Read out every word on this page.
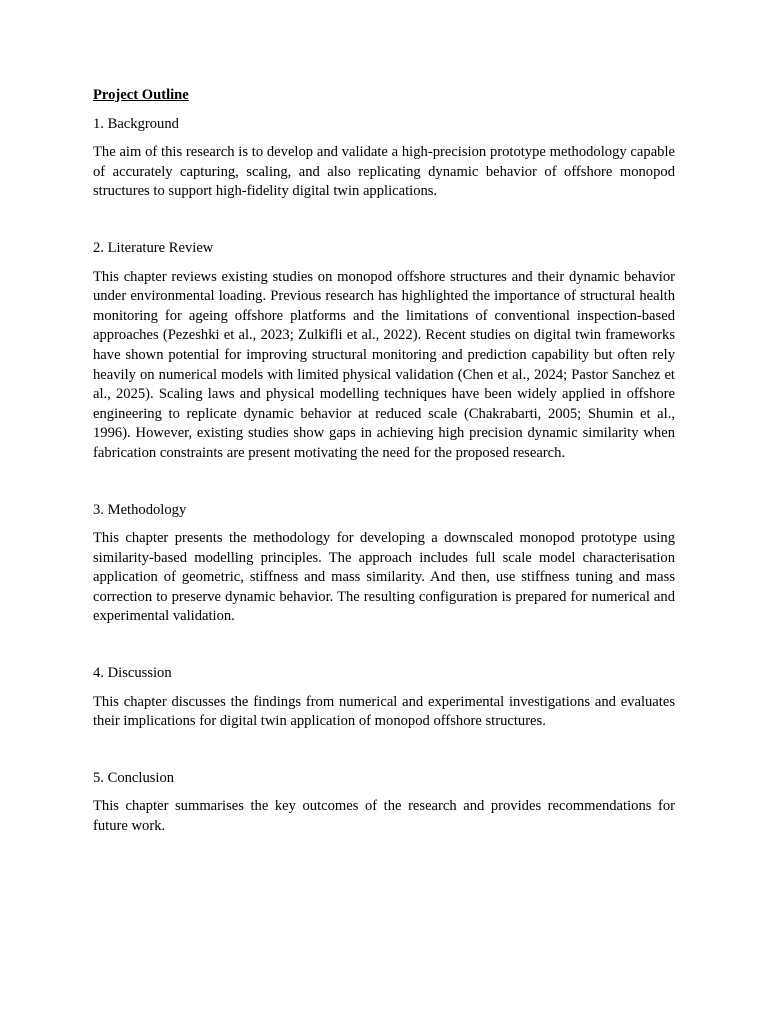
Project Outline

1. Background

The aim of this research is to develop and validate a high-precision prototype methodology capable of accurately capturing, scaling, and also replicating dynamic behavior of offshore monopod structures to support high-fidelity digital twin applications.

2. Literature Review

This chapter reviews existing studies on monopod offshore structures and their dynamic behavior under environmental loading. Previous research has highlighted the importance of structural health monitoring for ageing offshore platforms and the limitations of conventional inspection-based approaches (Pezeshki et al., 2023; Zulkifli et al., 2022). Recent studies on digital twin frameworks have shown potential for improving structural monitoring and prediction capability but often rely heavily on numerical models with limited physical validation (Chen et al., 2024; Pastor Sanchez et al., 2025). Scaling laws and physical modelling techniques have been widely applied in offshore engineering to replicate dynamic behavior at reduced scale (Chakrabarti, 2005; Shumin et al., 1996). However, existing studies show gaps in achieving high precision dynamic similarity when fabrication constraints are present motivating the need for the proposed research.

3. Methodology

This chapter presents the methodology for developing a downscaled monopod prototype using similarity-based modelling principles. The approach includes full scale model characterisation application of geometric, stiffness and mass similarity. And then, use stiffness tuning and mass correction to preserve dynamic behavior. The resulting configuration is prepared for numerical and experimental validation.

4. Discussion

This chapter discusses the findings from numerical and experimental investigations and evaluates their implications for digital twin application of monopod offshore structures.

5. Conclusion

This chapter summarises the key outcomes of the research and provides recommendations for future work.
